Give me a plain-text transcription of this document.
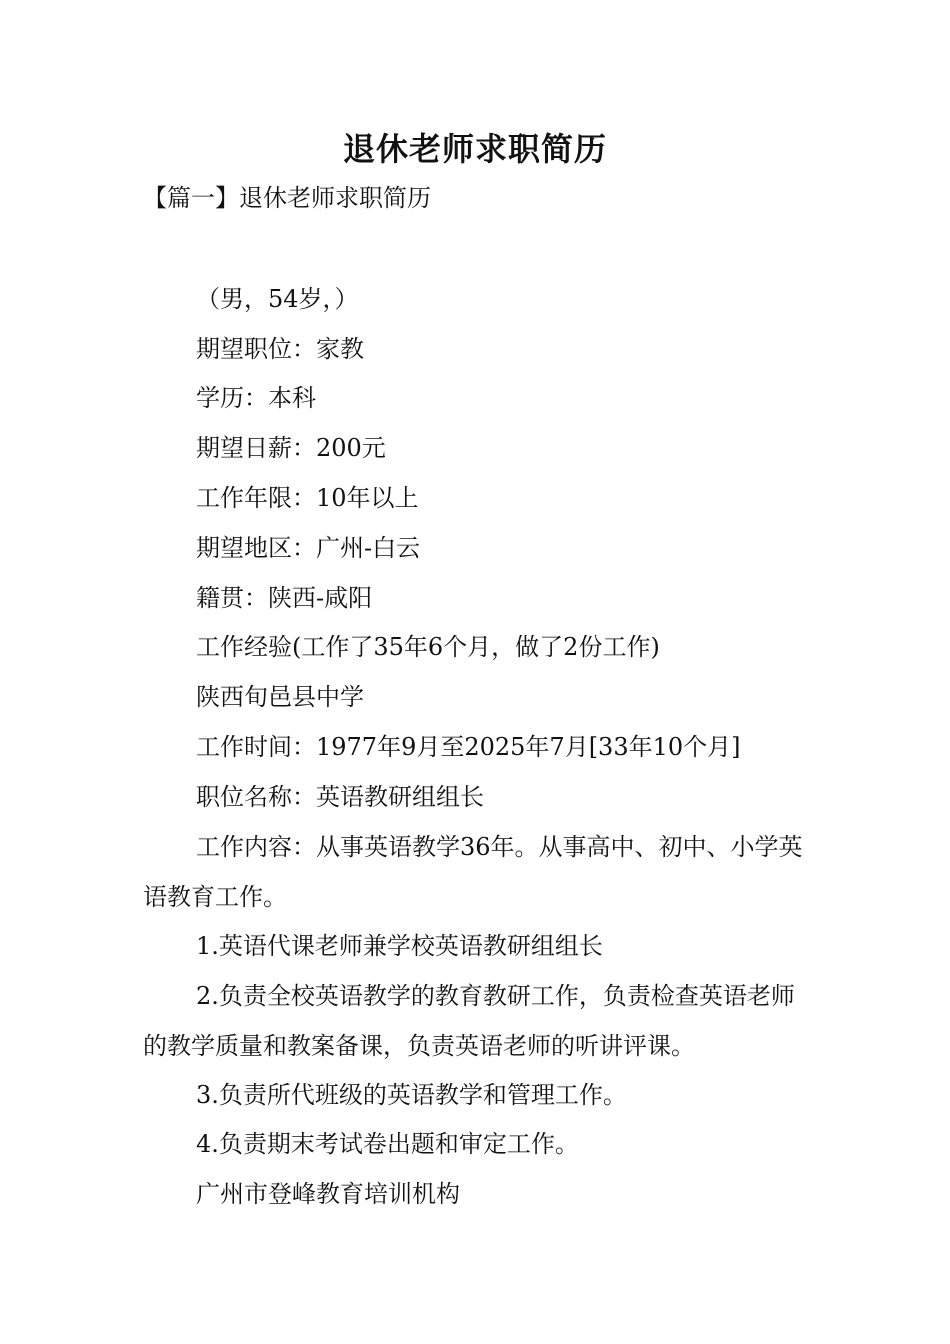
退休老师求职简历
【篇一】退休老师求职简历
（男，54岁，）
期望职位：家教
学历：本科
期望日薪：200元
工作年限：10年以上
期望地区：广州-白云
籍贯：陕西-咸阳
工作经验(工作了35年6个月，做了2份工作)
陕西旬邑县中学
工作时间：1977年9月至2025年7月[33年10个月]
职位名称：英语教研组组长
工作内容：从事英语教学36年。从事高中、初中、小学英语教育工作。
1.英语代课老师兼学校英语教研组组长
2.负责全校英语教学的教育教研工作，负责检查英语老师的教学质量和教案备课，负责英语老师的听讲评课。
3.负责所代班级的英语教学和管理工作。
4.负责期末考试卷出题和审定工作。
广州市登峰教育培训机构
